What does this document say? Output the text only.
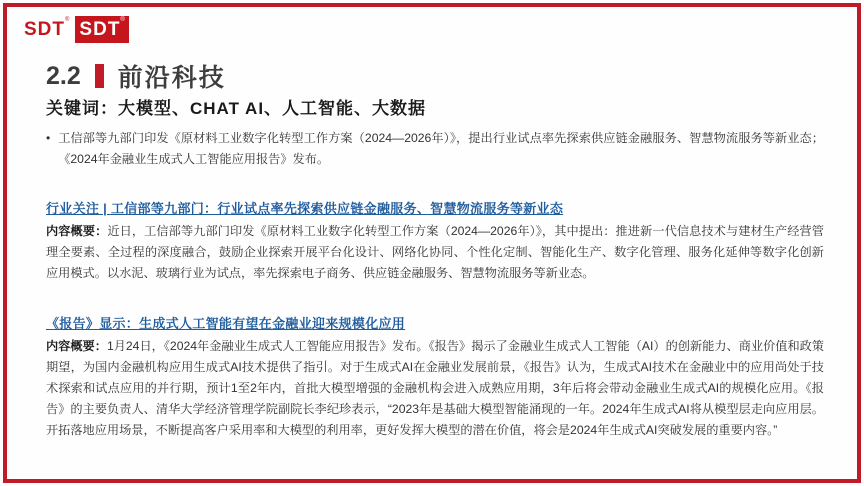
SDT® SDT®
2.2 前沿科技
关键词：大模型、CHAT AI、人工智能、大数据
• 工信部等九部门印发《原材料工业数字化转型工作方案（2024—2026年）》，提出行业试点率先探索供应链金融服务、智慧物流服务等新业态；《2024年金融业生成式人工智能应用报告》发布。
行业关注 | 工信部等九部门：行业试点率先探索供应链金融服务、智慧物流服务等新业态

内容概要：近日，工信部等九部门印发《原材料工业数字化转型工作方案（2024—2026年）》，其中提出：推进新一代信息技术与建材生产经营管理全要素、全过程的深度融合，鼓励企业探索开展平台化设计、网络化协同、个性化定制、智能化生产、数字化管理、服务化延伸等数字化创新应用模式。以水泥、玻璃行业为试点，率先探索电子商务、供应链金融服务、智慧物流服务等新业态。

《报告》显示：生成式人工智能有望在金融业迎来规模化应用

内容概要：1月24日，《2024年金融业生成式人工智能应用报告》发布。《报告》揭示了金融业生成式人工智能（AI）的创新能力、商业价值和政策期望，为国内金融机构应用生成式AI技术提供了指引。对于生成式AI在金融业发展前景，《报告》认为，生成式AI技术在金融业中的应用尚处于技术探索和试点应用的并行期，预计1至2年内，首批大模型增强的金融机构会进入成熟应用期，3年后将会带动金融业生成式AI的规模化应用。《报告》的主要负责人、清华大学经济管理学院副院长李纪珍表示，“2023年是基础大模型智能涌现的一年。2024年生成式AI将从模型层走向应用层。开拓落地应用场景，不断提高客户采用率和大模型的利用率，更好发挥大模型的潜在价值，将会是2024年生成式AI突破发展的重要内容。”
